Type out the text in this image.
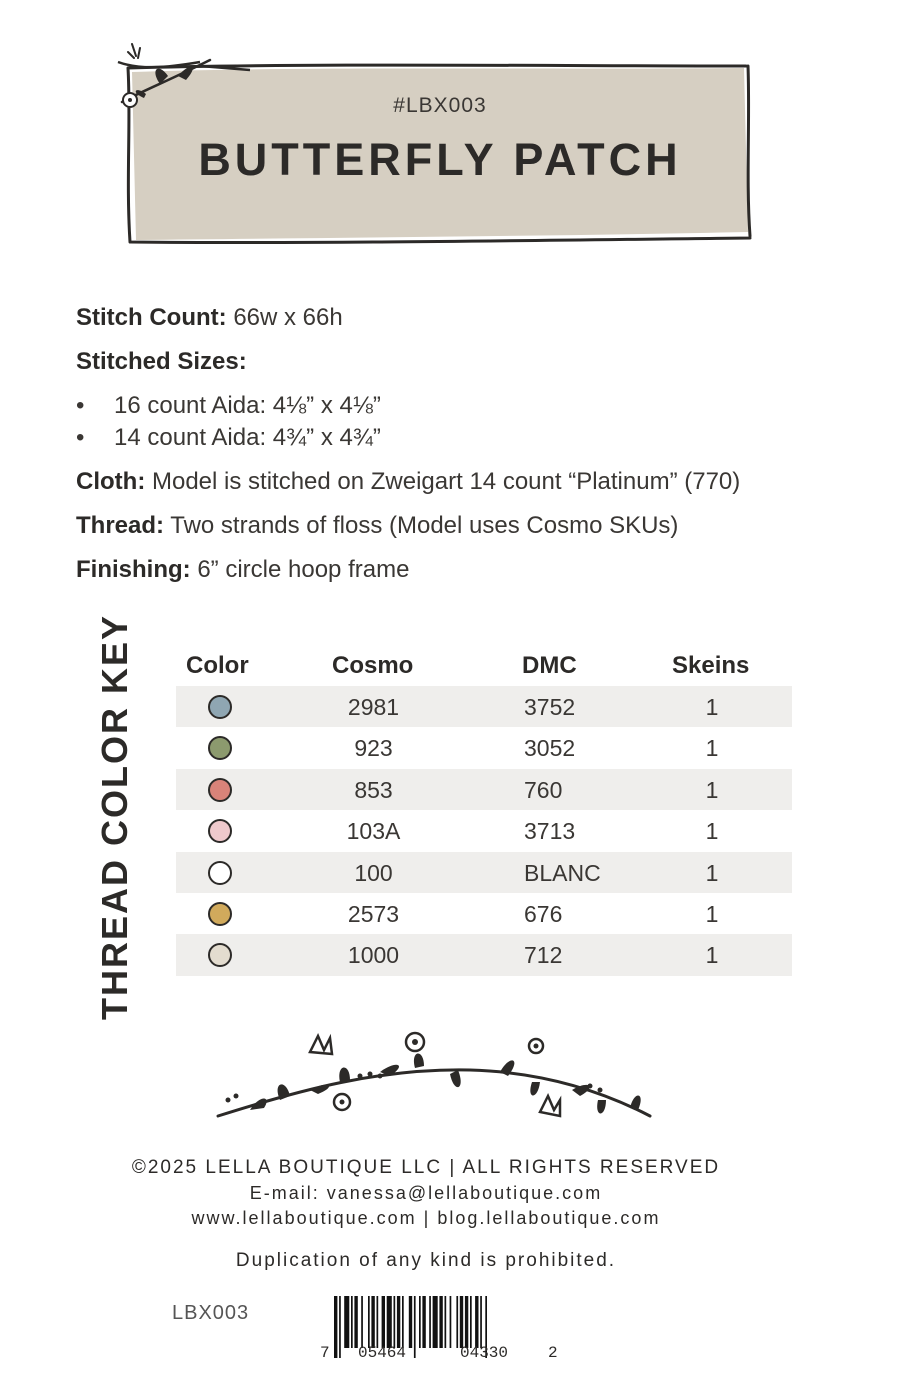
#LBX003
BUTTERFLY PATCH
Stitch Count: 66w x 66h
Stitched Sizes:
• 16 count Aida: 4⅛” x 4⅛”
• 14 count Aida: 4¾” x 4¾”
Cloth: Model is stitched on Zweigart 14 count “Platinum” (770)
Thread: Two strands of floss (Model uses Cosmo SKUs)
Finishing: 6” circle hoop frame
THREAD COLOR KEY Color	Cosmo	DMC	Skeins
2981	3752	1
923	3052	1
853	760	1
103A	3713	1
100	BLANC	1
2573	676	1
1000	712	1
©2025 LELLA BOUTIQUE LLC | ALL RIGHTS RESERVED
E-mail: vanessa@lellaboutique.com
www.lellaboutique.com | blog.lellaboutique.com
Duplication of any kind is prohibited.
LBX003
7 05464	04330 2
